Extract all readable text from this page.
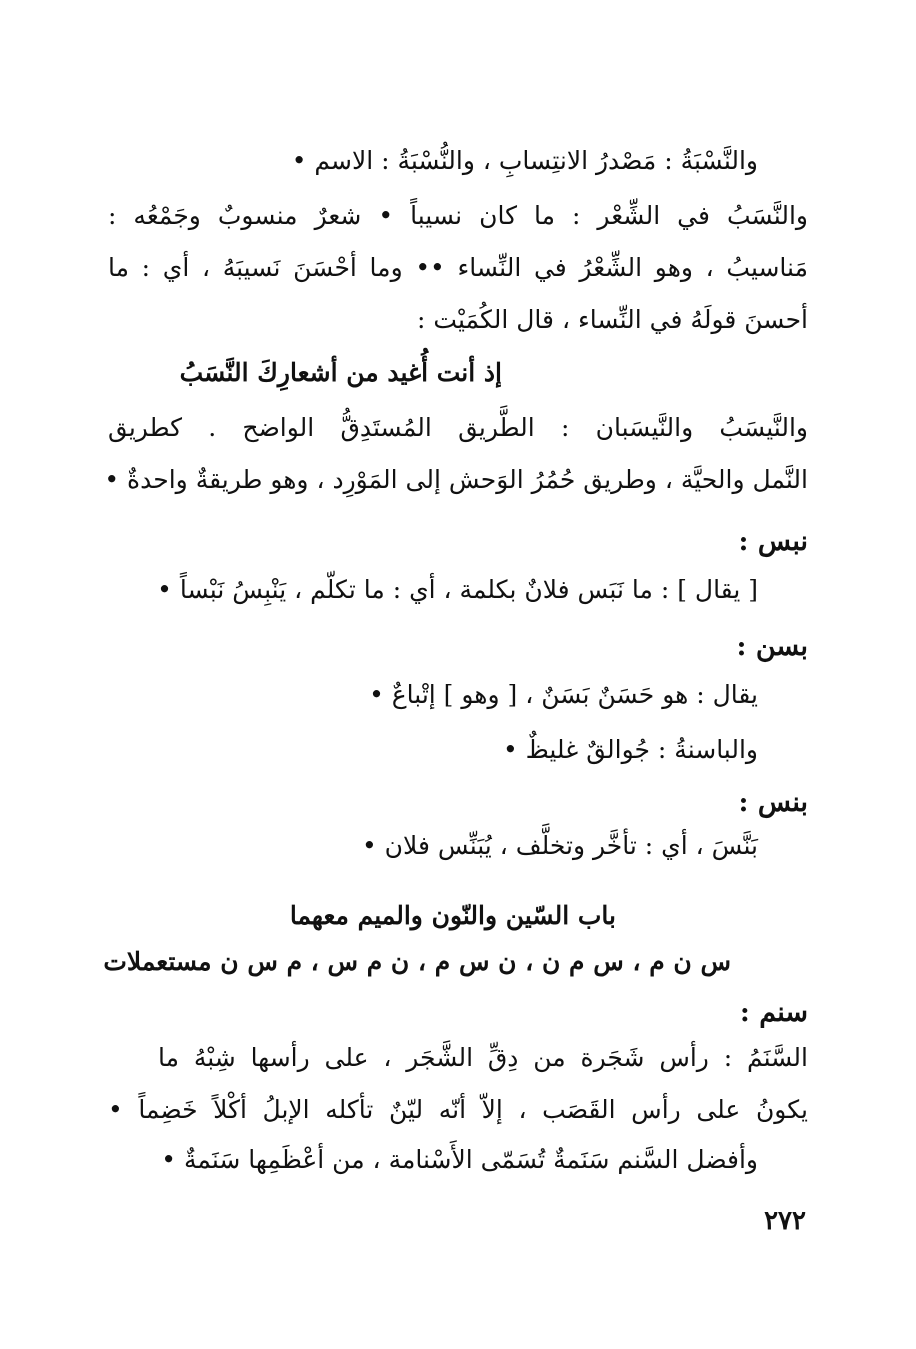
والنَّسْبَةُ : مَصْدرُ الانتِسابِ ، والنُّسْبَةُ : الاسم •
والنَّسَبُ في الشِّعْر : ما كان نسيباً • شعرٌ منسوبٌ وجَمْعُه :
مَناسيبُ ، وهو الشِّعْرُ في النِّساء •• وما أحْسَنَ نَسيبَهُ ، أي : ما
أحسنَ قولَهُ في النِّساء ، قال الكُمَيْت :
إذ أنت أُغيد من أشعارِكَ النَّسَبُ
والنَّيسَبُ والنَّيسَبان : الطَّريق المُستَدِقُّ الواضح . كطريق
النَّمل والحيَّة ، وطريق حُمُرُ الوَحش إلى المَوْرِد ، وهو طريقةٌ واحدةٌ •
نبس :
[ يقال ] : ما نَبَس فلانٌ بكلمة ، أي : ما تكلّم ، يَنْبِسُ نَبْساً •
بسن :
يقال : هو حَسَنٌ بَسَنٌ ، [ وهو ] إتْباعٌ •
والباسنةُ : جُوالقٌ غليظٌ •
بنس :
بَنَّسَ ، أي : تأخَّر وتخلَّف ، يُبَنِّس فلان •
باب السّين والنّون والميم معهما
س ن م ، س م ن ، ن س م ، ن م س ، م س ن مستعملات
سنم :
السَّنَمُ : رأس شَجَرة من دِقِّ الشَّجَر ، على رأسها شِبْهُ ما
يكونُ على رأس القَصَب ، إلاّ أنّه ليّنٌ تأكله الإبلُ أكْلاً خَضِماً •
وأفضل السَّنم سَنَمةٌ تُسَمّى الأَسْنامة ، من أعْظَمِها سَنَمةٌ •
٢٧٢
